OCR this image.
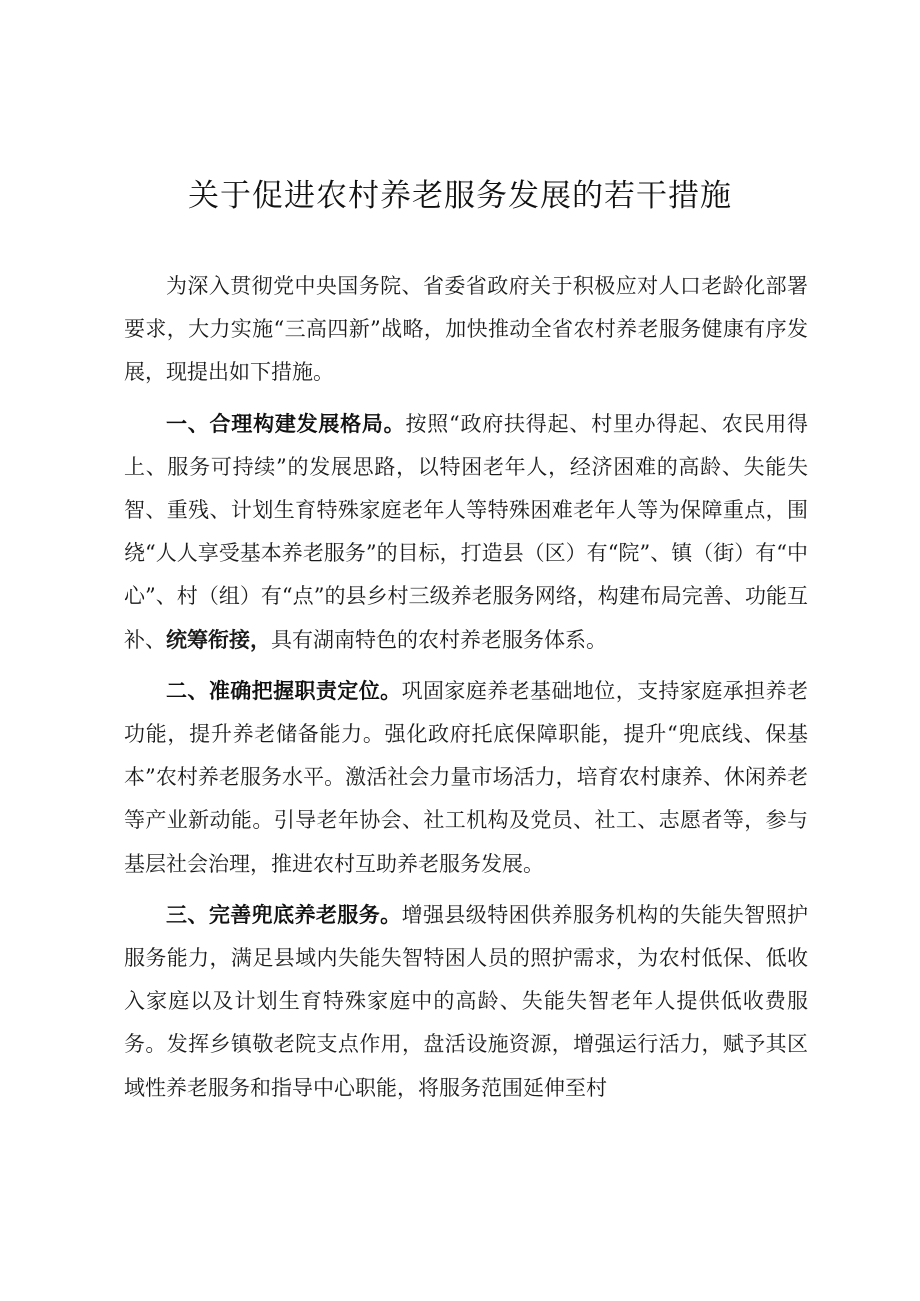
关于促进农村养老服务发展的若干措施

为深入贯彻党中央国务院、省委省政府关于积极应对人口老龄化部署要求，大力实施“三高四新”战略，加快推动全省农村养老服务健康有序发展，现提出如下措施。

一、合理构建发展格局。按照“政府扶得起、村里办得起、农民用得上、服务可持续”的发展思路，以特困老年人，经济困难的高龄、失能失智、重残、计划生育特殊家庭老年人等特殊困难老年人等为保障重点，围绕“人人享受基本养老服务”的目标，打造县（区）有“院”、镇（街）有“中心”、村（组）有“点”的县乡村三级养老服务网络，构建布局完善、功能互补、统筹衔接，具有湖南特色的农村养老服务体系。

二、准确把握职责定位。巩固家庭养老基础地位，支持家庭承担养老功能，提升养老储备能力。强化政府托底保障职能，提升“兜底线、保基本”农村养老服务水平。激活社会力量市场活力，培育农村康养、休闲养老等产业新动能。引导老年协会、社工机构及党员、社工、志愿者等，参与基层社会治理，推进农村互助养老服务发展。

三、完善兜底养老服务。增强县级特困供养服务机构的失能失智照护服务能力，满足县域内失能失智特困人员的照护需求，为农村低保、低收入家庭以及计划生育特殊家庭中的高龄、失能失智老年人提供低收费服务。发挥乡镇敬老院支点作用，盘活设施资源，增强运行活力，赋予其区域性养老服务和指导中心职能，将服务范围延伸至村
